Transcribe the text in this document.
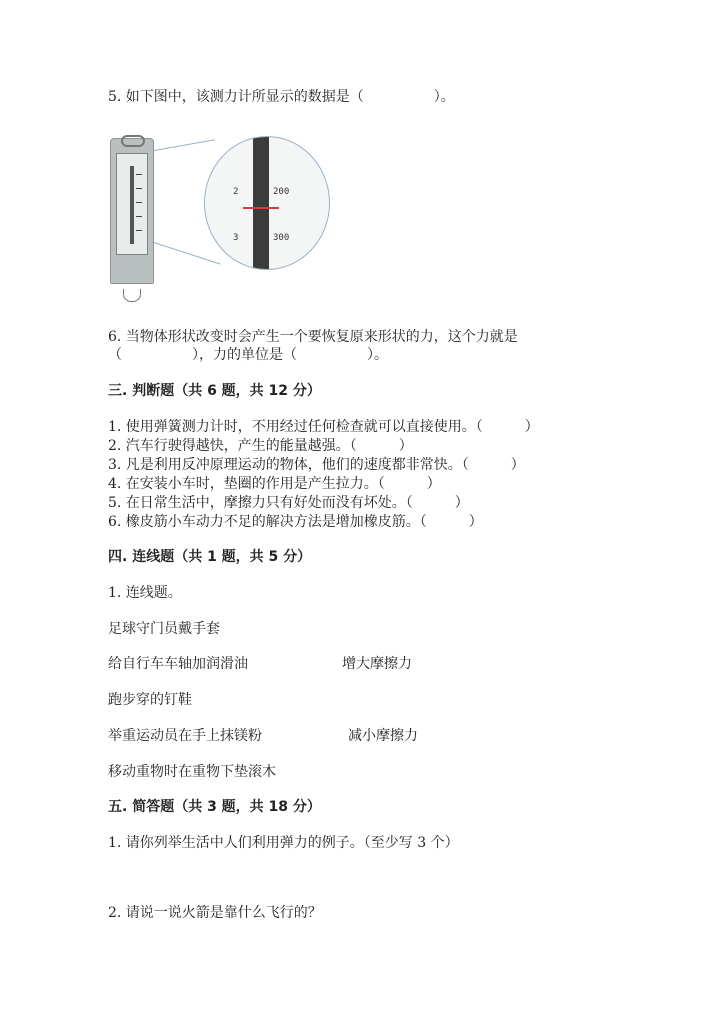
5. 如下图中，该测力计所显示的数据是（　　　　　）。
2
3
200
300
6. 当物体形状改变时会产生一个要恢复原来形状的力，这个力就是
（　　　　　），力的单位是（　　　　　）。
三. 判断题（共 6 题，共 12 分）
1. 使用弹簧测力计时，不用经过任何检查就可以直接使用。（　　　）
2. 汽车行驶得越快，产生的能量越强。（　　　）
3. 凡是利用反冲原理运动的物体，他们的速度都非常快。（　　　）
4. 在安装小车时，垫圈的作用是产生拉力。（　　　）
5. 在日常生活中，摩擦力只有好处而没有坏处。（　　　）
6. 橡皮筋小车动力不足的解决方法是增加橡皮筋。（　　　）
四. 连线题（共 1 题，共 5 分）
1. 连线题。
足球守门员戴手套
给自行车车轴加润滑油	增大摩擦力
跑步穿的钉鞋
举重运动员在手上抹镁粉	减小摩擦力
移动重物时在重物下垫滚木
五. 简答题（共 3 题，共 18 分）
1. 请你列举生活中人们利用弹力的例子。（至少写 3 个）
2. 请说一说火箭是靠什么飞行的？
